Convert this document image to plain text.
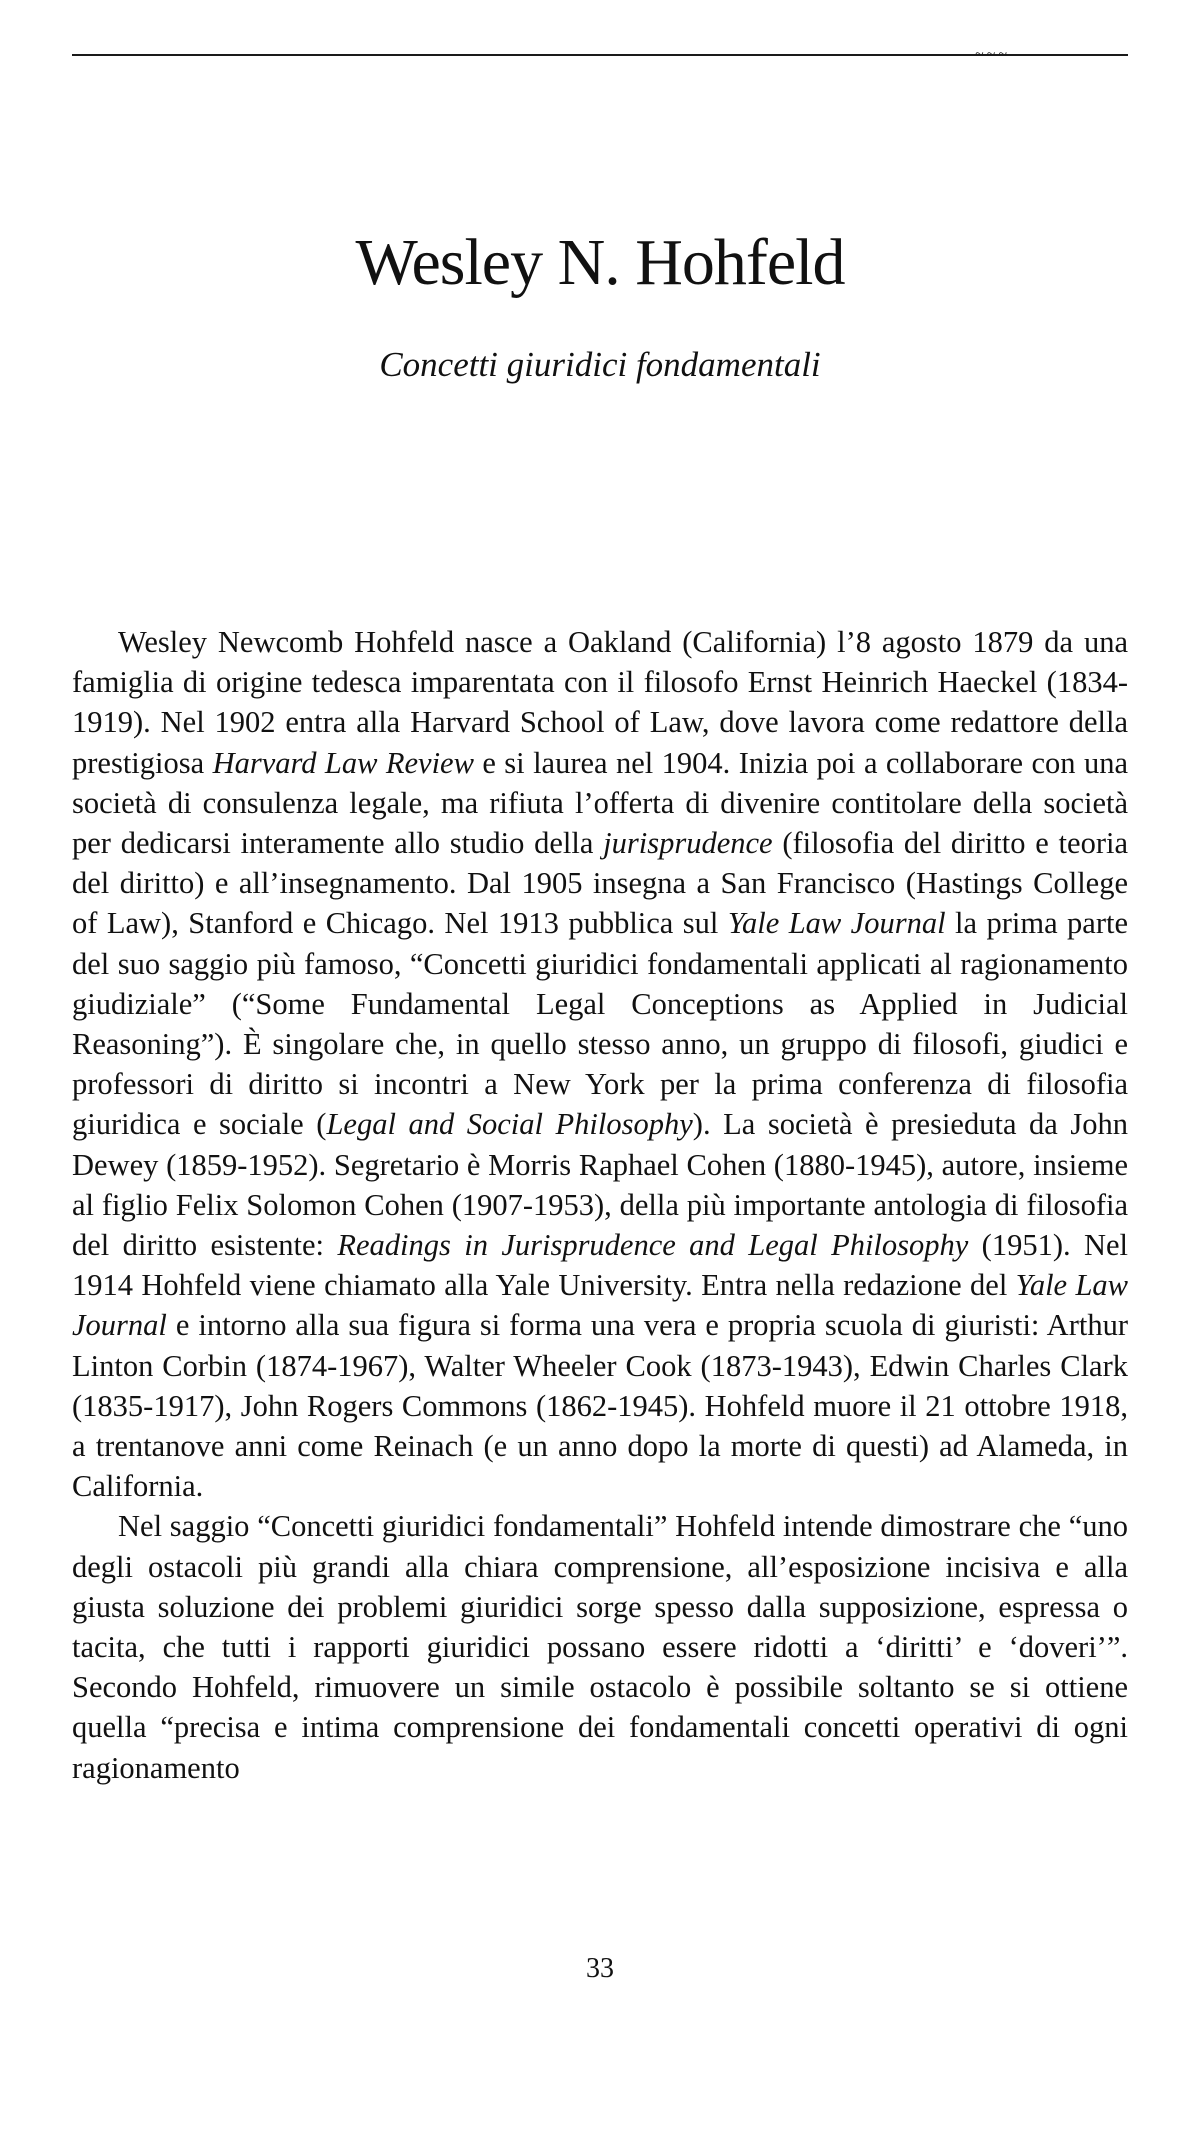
~~~
Wesley N. Hohfeld
Concetti giuridici fondamentali

Wesley Newcomb Hohfeld nasce a Oakland (California) l’8 agosto 1879 da una famiglia di origine tedesca imparentata con il filosofo Ernst Heinrich Haeckel (1834-1919). Nel 1902 entra alla Harvard School of Law, dove lavora come redattore della prestigiosa Harvard Law Review e si laurea nel 1904. Inizia poi a collaborare con una società di consulenza legale, ma rifiuta l’offerta di divenire contitolare della società per dedicarsi interamente allo studio della jurisprudence (filosofia del diritto e teoria del diritto) e all’insegnamento. Dal 1905 insegna a San Francisco (Hastings College of Law), Stanford e Chicago. Nel 1913 pubblica sul Yale Law Journal la prima parte del suo saggio più famoso, “Concetti giuridici fondamentali applicati al ragionamento giudiziale” (“Some Fundamental Legal Conceptions as Applied in Judicial Reasoning”). È singolare che, in quello stesso anno, un gruppo di filosofi, giudici e professori di diritto si incontri a New York per la prima conferenza di filosofia giuridica e sociale (Legal and Social Philosophy). La società è presieduta da John Dewey (1859-1952). Segretario è Morris Raphael Cohen (1880-1945), autore, insieme al figlio Felix Solomon Cohen (1907-1953), della più importante antologia di filosofia del diritto esistente: Readings in Jurisprudence and Legal Philosophy (1951). Nel 1914 Hohfeld viene chiamato alla Yale University. Entra nella redazione del Yale Law Journal e intorno alla sua figura si forma una vera e propria scuola di giuristi: Arthur Linton Corbin (1874-1967), Walter Wheeler Cook (1873-1943), Edwin Charles Clark (1835-1917), John Rogers Commons (1862-1945). Hohfeld muore il 21 ottobre 1918, a trentanove anni come Reinach (e un anno dopo la morte di questi) ad Alameda, in California.

Nel saggio “Concetti giuridici fondamentali” Hohfeld intende dimostrare che “uno degli ostacoli più grandi alla chiara comprensione, all’esposizione incisiva e alla giusta soluzione dei problemi giuridici sorge spesso dalla supposizione, espressa o tacita, che tutti i rapporti giuridici possano essere ridotti a ‘diritti’ e ‘doveri’”. Secondo Hohfeld, rimuovere un simile ostacolo è possibile soltanto se si ottiene quella “precisa e intima comprensione dei fondamentali concetti operativi di ogni ragionamento

33
